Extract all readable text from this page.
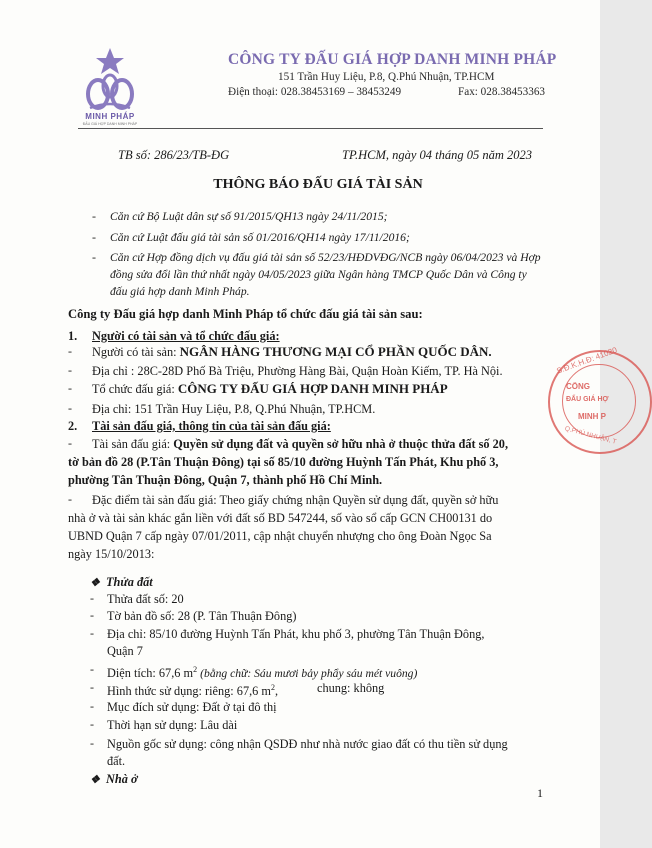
MINH PHÁP
ĐẤU GIÁ HỢP DANH MINH PHÁP
CÔNG TY ĐẤU GIÁ HỢP DANH MINH PHÁP
151 Trần Huy Liệu, P.8, Q.Phú Nhuận, TP.HCM
Điện thoại: 028.38453169 – 38453249	Fax: 028.38453363
TB số: 286/23/TB-ĐG	TP.HCM, ngày 04 tháng 05 năm 2023
THÔNG BÁO ĐẤU GIÁ TÀI SẢN
- Căn cứ Bộ Luật dân sự số 91/2015/QH13 ngày 24/11/2015;
- Căn cứ Luật đấu giá tài sản số 01/2016/QH14 ngày 17/11/2016;
- Căn cứ Hợp đồng dịch vụ đấu giá tài sản số 52/23/HĐDVĐG/NCB ngày 06/04/2023 và Hợp
đồng sửa đổi lần thứ nhất ngày 04/05/2023 giữa Ngân hàng TMCP Quốc Dân và Công ty
đấu giá hợp danh Minh Pháp.
Công ty Đấu giá hợp danh Minh Pháp tổ chức đấu giá tài sản sau:
1. Người có tài sản và tổ chức đấu giá:
- Người có tài sản: NGÂN HÀNG THƯƠNG MẠI CỔ PHẦN QUỐC DÂN.
- Địa chỉ : 28C-28D Phố Bà Triệu, Phường Hàng Bài, Quận Hoàn Kiếm, TP. Hà Nội.
- Tổ chức đấu giá: CÔNG TY ĐẤU GIÁ HỢP DANH MINH PHÁP
- Địa chỉ: 151 Trần Huy Liệu, P.8, Q.Phú Nhuận, TP.HCM.
2. Tài sản đấu giá, thông tin của tài sản đấu giá:
- Tài sản đấu giá: Quyền sử dụng đất và quyền sở hữu nhà ở thuộc thửa đất số 20,
tờ bản đồ 28 (P.Tân Thuận Đông) tại số 85/10 đường Huỳnh Tấn Phát, Khu phố 3,
phường Tân Thuận Đông, Quận 7, thành phố Hồ Chí Minh.
- Đặc điểm tài sản đấu giá: Theo giấy chứng nhận Quyền sử dụng đất, quyền sở hữu
nhà ở và tài sản khác gắn liền với đất số BD 547244, số vào sổ cấp GCN CH00131 do
UBND Quận 7 cấp ngày 07/01/2011, cập nhật chuyển nhượng cho ông Đoàn Ngọc Sa
ngày 15/10/2013:
❖ Thửa đất
- Thửa đất số: 20
- Tờ bản đồ số: 28 (P. Tân Thuận Đông)
- Địa chỉ: 85/10 đường Huỳnh Tấn Phát, khu phố 3, phường Tân Thuận Đông,
Quận 7
- Diện tích: 67,6 $m^2$ (bằng chữ: Sáu mươi bảy phẩy sáu mét vuông)
- Hình thức sử dụng: riêng: 67,6 $m^2$,	chung: không
- Mục đích sử dụng: Đất ở tại đô thị
- Thời hạn sử dụng: Lâu dài
- Nguồn gốc sử dụng: công nhận QSDĐ như nhà nước giao đất có thu tiền sử dụng
đất.
❖ Nhà ở
1
S.Đ.K.H.Đ: 41020
CÔNG
ĐẤU GIÁ HỢ
MINH P
Q.PHÚ NHUẬN, T
